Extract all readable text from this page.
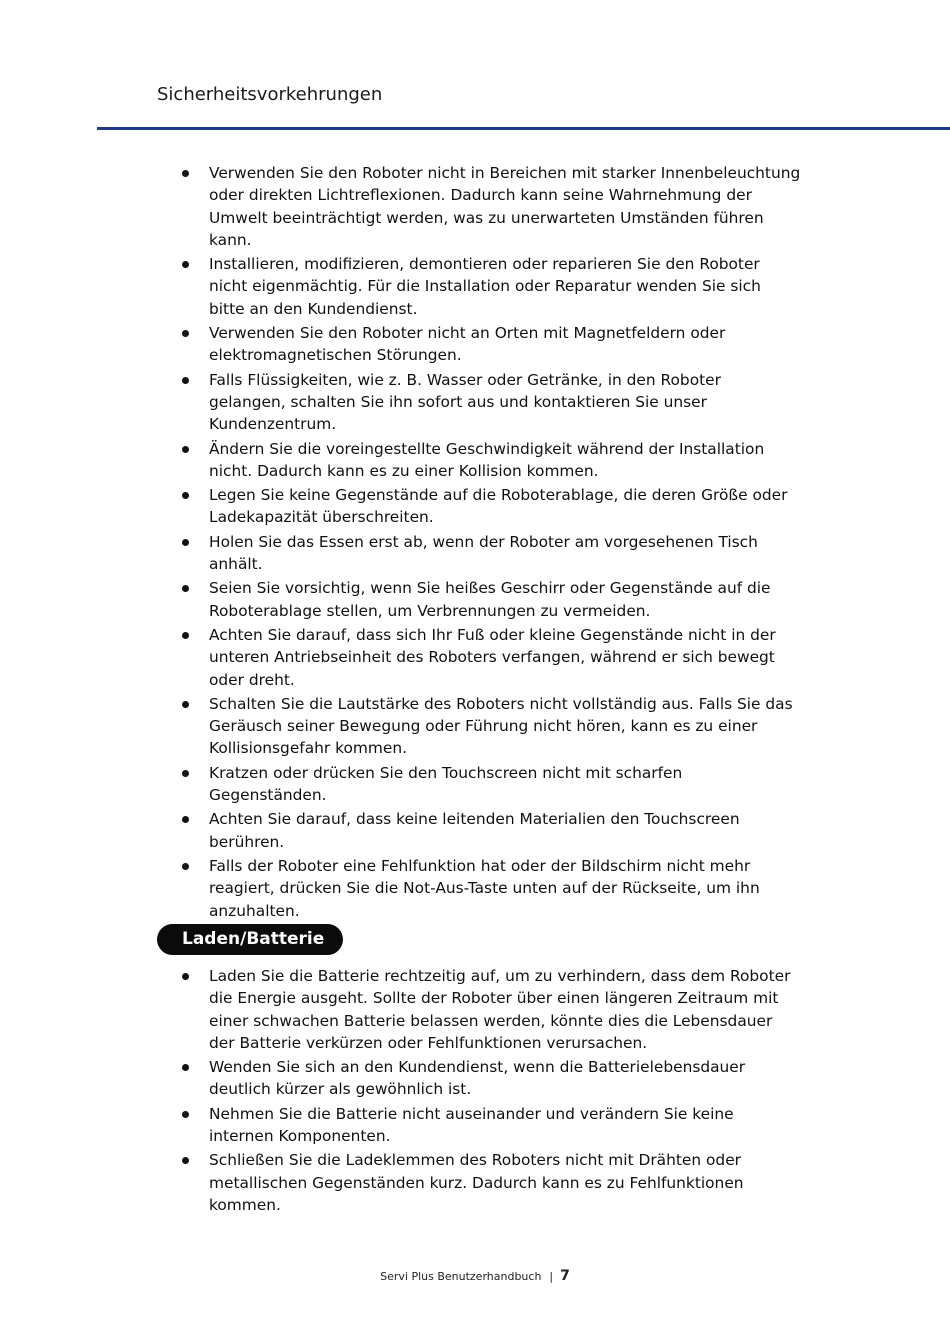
Sicherheitsvorkehrungen
Verwenden Sie den Roboter nicht in Bereichen mit starker Innenbeleuchtung oder direkten Lichtreflexionen. Dadurch kann seine Wahrnehmung der Umwelt beeinträchtigt werden, was zu unerwarteten Umständen führen kann.
Installieren, modifizieren, demontieren oder reparieren Sie den Roboter nicht eigenmächtig. Für die Installation oder Reparatur wenden Sie sich bitte an den Kundendienst.
Verwenden Sie den Roboter nicht an Orten mit Magnetfeldern oder elektromagnetischen Störungen.
Falls Flüssigkeiten, wie z. B. Wasser oder Getränke, in den Roboter gelangen, schalten Sie ihn sofort aus und kontaktieren Sie unser Kundenzentrum.
Ändern Sie die voreingestellte Geschwindigkeit während der Installation nicht. Dadurch kann es zu einer Kollision kommen.
Legen Sie keine Gegenstände auf die Roboterablage, die deren Größe oder Ladekapazität überschreiten.
Holen Sie das Essen erst ab, wenn der Roboter am vorgesehenen Tisch anhält.
Seien Sie vorsichtig, wenn Sie heißes Geschirr oder Gegenstände auf die Roboterablage stellen, um Verbrennungen zu vermeiden.
Achten Sie darauf, dass sich Ihr Fuß oder kleine Gegenstände nicht in der unteren Antriebseinheit des Roboters verfangen, während er sich bewegt oder dreht.
Schalten Sie die Lautstärke des Roboters nicht vollständig aus. Falls Sie das Geräusch seiner Bewegung oder Führung nicht hören, kann es zu einer Kollisionsgefahr kommen.
Kratzen oder drücken Sie den Touchscreen nicht mit scharfen Gegenständen.
Achten Sie darauf, dass keine leitenden Materialien den Touchscreen berühren.
Falls der Roboter eine Fehlfunktion hat oder der Bildschirm nicht mehr reagiert, drücken Sie die Not-Aus-Taste unten auf der Rückseite, um ihn anzuhalten.
Laden/Batterie
Laden Sie die Batterie rechtzeitig auf, um zu verhindern, dass dem Roboter die Energie ausgeht. Sollte der Roboter über einen längeren Zeitraum mit einer schwachen Batterie belassen werden, könnte dies die Lebensdauer der Batterie verkürzen oder Fehlfunktionen verursachen.
Wenden Sie sich an den Kundendienst, wenn die Batterielebensdauer deutlich kürzer als gewöhnlich ist.
Nehmen Sie die Batterie nicht auseinander und verändern Sie keine internen Komponenten.
Schließen Sie die Ladeklemmen des Roboters nicht mit Drähten oder metallischen Gegenständen kurz. Dadurch kann es zu Fehlfunktionen kommen.
Servi Plus Benutzerhandbuch | 7
